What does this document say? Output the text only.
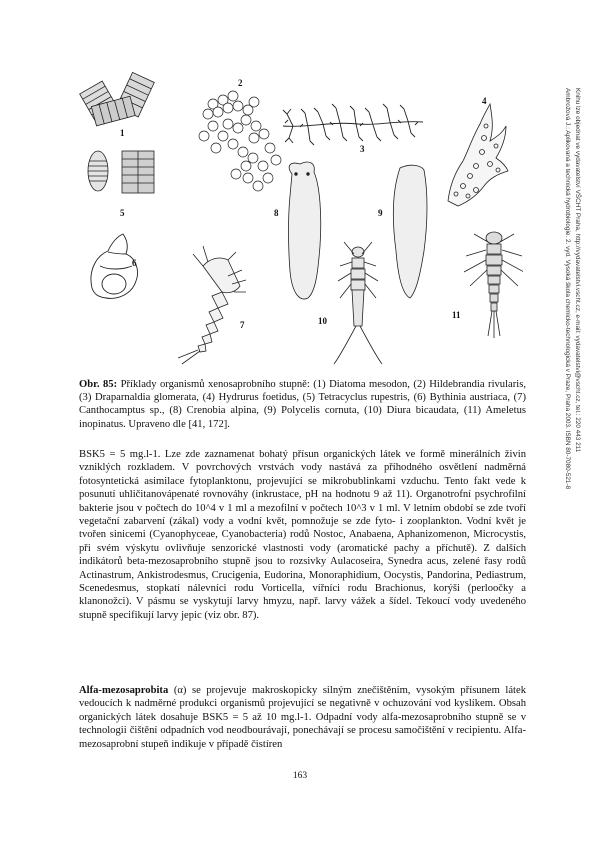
1
2
3
4
5
6
7
8	9
10
11
Obr. 85: Příklady organismů xenosaprobního stupně: (1) Diatoma mesodon, (2) Hildebrandia rivularis, (3) Draparnaldia glomerata, (4) Hydrurus foetidus, (5) Tetracyclus rupestris, (6) Bythinia austriaca, (7) Canthocamptus sp., (8) Crenobia alpina, (9) Polycelis cornuta, (10) Diura bicaudata, (11) Ameletus inopinatus. Upraveno dle [41, 172].
BSK5 = 5 mg.l-1. Lze zde zaznamenat bohatý přísun organických látek ve formě minerálních živin vzniklých rozkladem. V povrchových vrstvách vody nastává za příhodného osvětlení nadměrná fotosyntetická asimilace fytoplanktonu, projevující se mikrobublinkami vzduchu. Tento fakt vede k posunutí uhličitanovápenaté rovnováhy (inkrustace, pH na hodnotu 9 až 11). Organotrofní psychrofilní bakterie jsou v počtech do 10^4 v 1 ml a mezofilní v počtech 10^3 v 1 ml. V letním období se zde tvoří vegetační zabarvení (zákal) vody a vodní květ, pomnožuje se zde fyto- i zooplankton. Vodní květ je tvořen sinicemi (Cyanophyceae, Cyanobacteria) rodů Nostoc, Anabaena, Aphanizomenon, Microcystis, při svém výskytu ovlivňuje senzorické vlastnosti vody (aromatické pachy a příchutě). Z dalších indikátorů beta-mezosaprobního stupně jsou to rozsivky Aulacoseira, Synedra acus, zelené řasy rodů Actinastrum, Ankistrodesmus, Crucigenia, Eudorina, Monoraphidium, Oocystis, Pandorina, Pediastrum, Scenedesmus, stopkatí nálevníci rodu Vorticella, vířníci rodu Brachionus, korýši (perloočky a klanonožci). V pásmu se vyskytují larvy hmyzu, např. larvy vážek a šídel. Tekoucí vody uvedeného stupně specifikují larvy jepic (viz obr. 87).
Alfa-mezosaprobita (α) se projevuje makroskopicky silným znečištěním, vysokým přísunem látek vedoucích k nadměrné produkci organismů projevující se negativně v ochuzování vod kyslíkem. Obsah organických látek dosahuje BSK5 = 5 až 10 mg.l-1. Odpadní vody alfa-mezosaprobního stupně se v technologii čištění odpadních vod neodbourávají, ponechávají se procesu samočištění v recipientu. Alfa-mezosaprobní stupeň indikuje v případě čistíren
163
Ambrožová J.: Aplikovaná a technická hydrobiologie. 2. vyd. Vysoká škola chemicko-technologická v Praze, Praha 2003. ISBN 80-7080-521-8 Knihu lze objednat ve vydavatelství VŠCHT Praha, http://vydavatelstvi.vscht.cz, e-mail: vydavatelstvi@vscht.cz, tel.: 220 443 211
